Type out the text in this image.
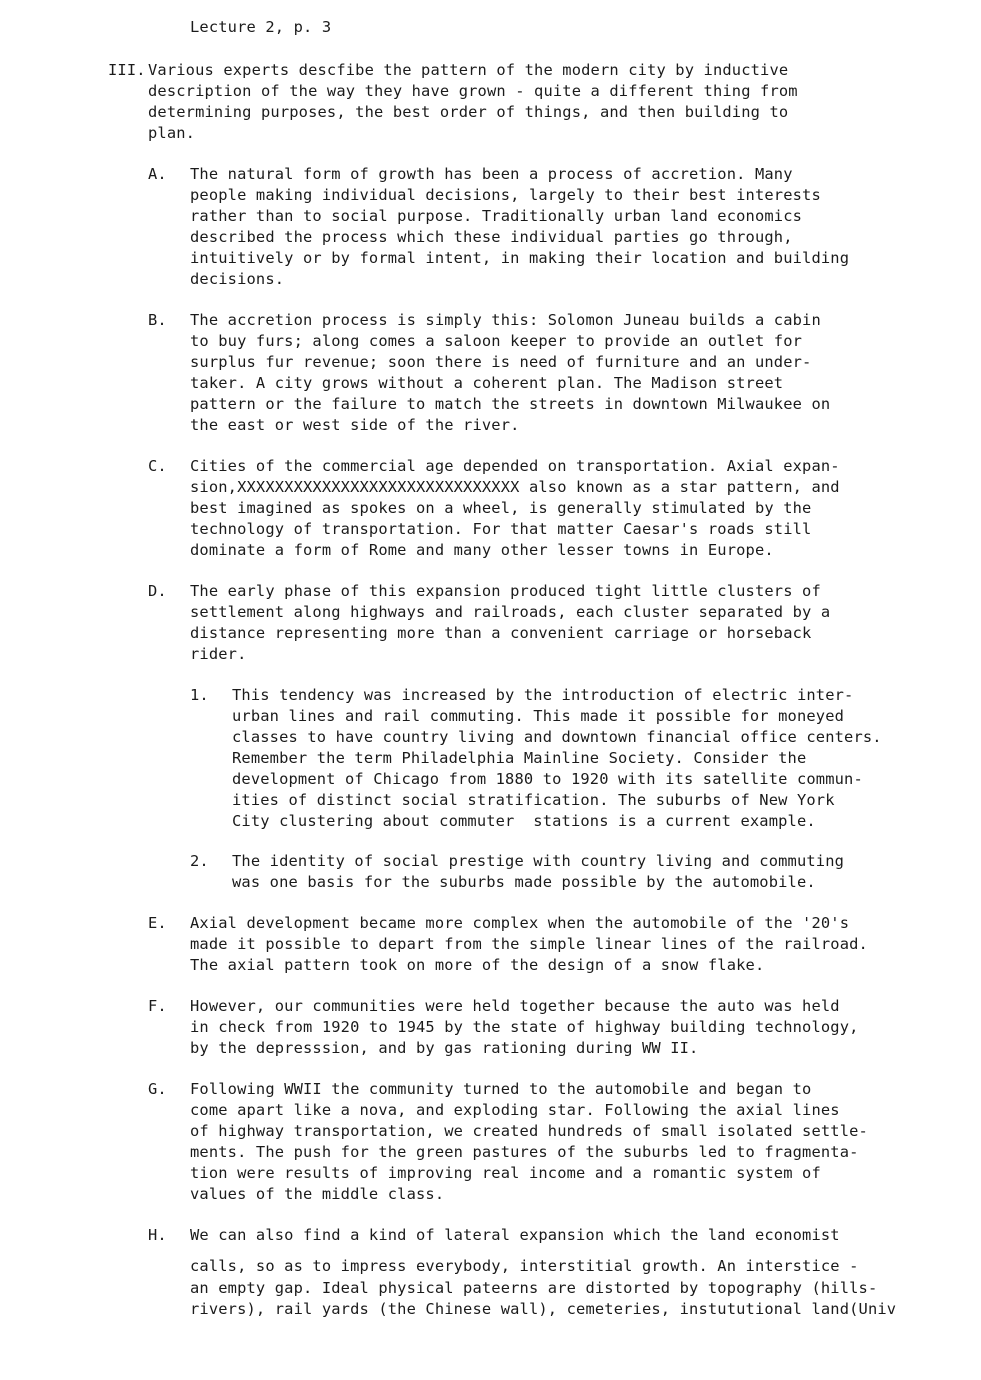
Lecture 2, p. 3
III. Various experts descfibe the pattern of the modern city by inductive
description of the way they have grown - quite a different thing from
determining purposes, the best order of things, and then building to
plan.
A. The natural form of growth has been a process of accretion. Many
people making individual decisions, largely to their best interests
rather than to social purpose. Traditionally urban land economics
described the process which these individual parties go through,
intuitively or by formal intent, in making their location and building
decisions.
B. The accretion process is simply this: Solomon Juneau builds a cabin
to buy furs; along comes a saloon keeper to provide an outlet for
surplus fur revenue; soon there is need of furniture and an under-
taker. A city grows without a coherent plan. The Madison street
pattern or the failure to match the streets in downtown Milwaukee on
the east or west side of the river.
C. Cities of the commercial age depended on transportation. Axial expan-
sion,XXXXXXXXXXXXXXXXXXXXXXXXXXXXXX also known as a star pattern, and
best imagined as spokes on a wheel, is generally stimulated by the
technology of transportation. For that matter Caesar's roads still
dominate a form of Rome and many other lesser towns in Europe.
D. The early phase of this expansion produced tight little clusters of
settlement along highways and railroads, each cluster separated by a
distance representing more than a convenient carriage or horseback
rider.
1. This tendency was increased by the introduction of electric inter-
urban lines and rail commuting. This made it possible for moneyed
classes to have country living and downtown financial office centers.
Remember the term Philadelphia Mainline Society. Consider the
development of Chicago from 1880 to 1920 with its satellite commun-
ities of distinct social stratification. The suburbs of New York
City clustering about commuter  stations is a current example.
2. The identity of social prestige with country living and commuting
was one basis for the suburbs made possible by the automobile.
E. Axial development became more complex when the automobile of the '20's
made it possible to depart from the simple linear lines of the railroad.
The axial pattern took on more of the design of a snow flake.
F. However, our communities were held together because the auto was held
in check from 1920 to 1945 by the state of highway building technology,
by the depresssion, and by gas rationing during WW II.
G. Following WWII the community turned to the automobile and began to
come apart like a nova, and exploding star. Following the axial lines
of highway transportation, we created hundreds of small isolated settle-
ments. The push for the green pastures of the suburbs led to fragmenta-
tion were results of improving real income and a romantic system of
values of the middle class.
H. We can also find a kind of lateral expansion which the land economist
calls, so as to impress everybody, interstitial growth. An interstice -
an empty gap. Ideal physical pateerns are distorted by topography (hills-
rivers), rail yards (the Chinese wall), cemeteries, instututional land(Univ
